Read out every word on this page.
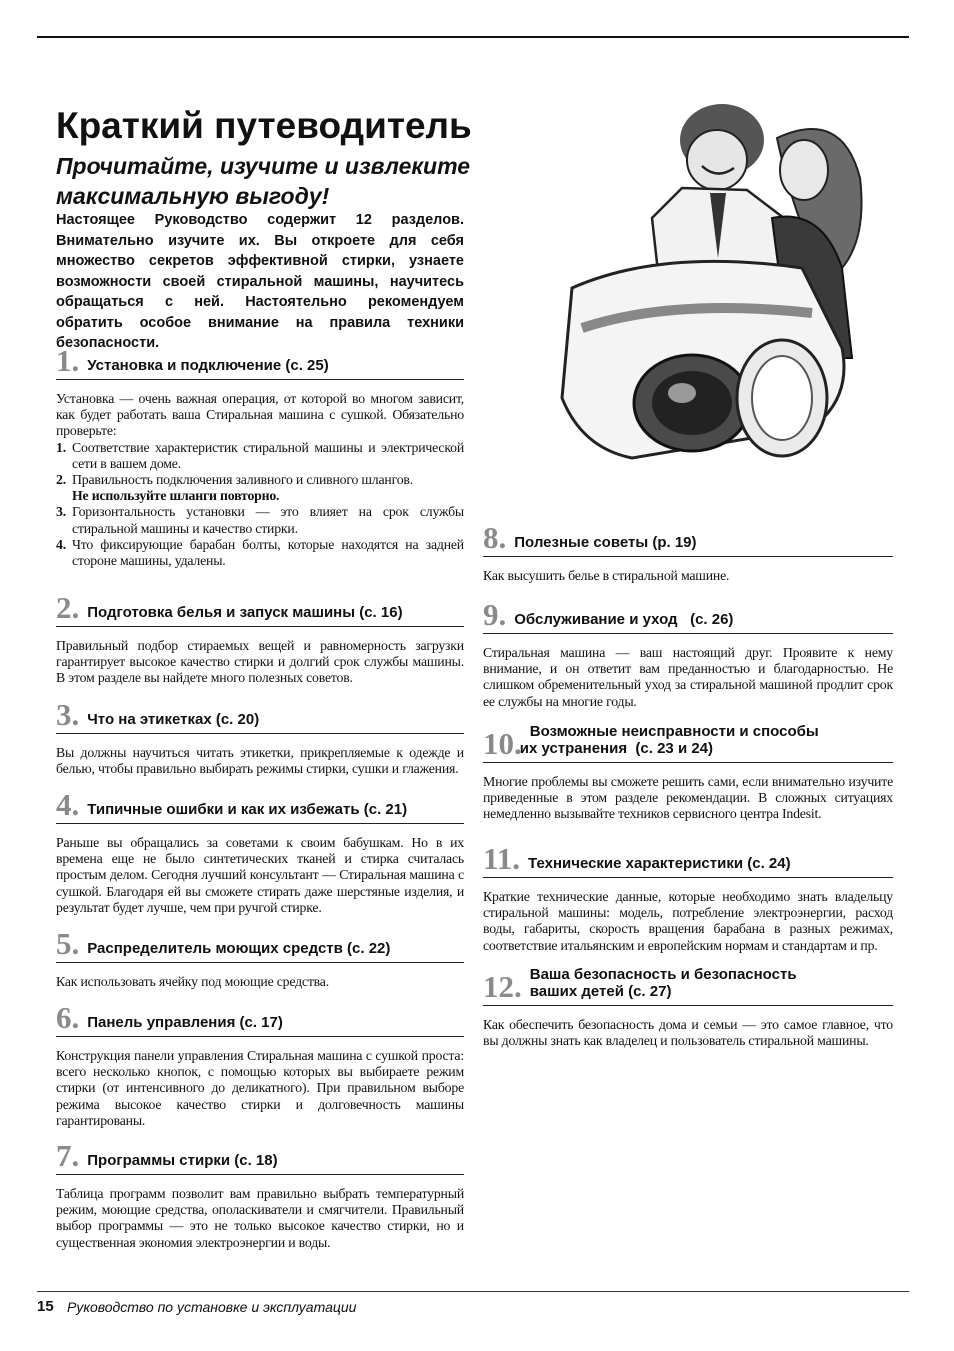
Краткий путеводитель
Прочитайте, изучите и извлеките максимальную выгоду!

Настоящее Руководство содержит 12 разделов. Внимательно изучите их. Вы откроете для себя множество секретов эффективной стирки, узнаете возможности своей стиральной машины, научитесь обращаться с ней. Настоятельно рекомендуем обратить особое внимание на правила техники безопасности.

1. Установка и подключение (с. 25)

Установка — очень важная операция, от которой во многом зависит, как будет работать ваша Стиральная машина с сушкой. Обязательно проверьте:

1. Соответствие характеристик стиральной машины и электрической сети в вашем доме.
2. Правильность подключения заливного и сливного шлангов.
Не используйте шланги повторно.
3. Горизонтальность установки — это влияет на срок службы стиральной машины и качество стирки.
4. Что фиксирующие барабан болты, которые находятся на задней стороне машины, удалены.
2. Подготовка белья и запуск машины (с. 16)

Правильный подбор стираемых вещей и равномерность загрузки гарантирует высокое качество стирки и долгий срок службы машины. В этом разделе вы найдете много полезных советов.

3. Что на этикетках (с. 20)

Вы должны научиться читать этикетки, прикрепляемые к одежде и белью, чтобы правильно выбирать режимы стирки, сушки и глажения.

4. Типичные ошибки и как их избежать (с. 21)

Раньше вы обращались за советами к своим бабушкам. Но в их времена еще не было синтетических тканей и стирка считалась простым делом. Сегодня лучший консультант — Стиральная машина с сушкой. Благодаря ей вы сможете стирать даже шерстяные изделия, и результат будет лучше, чем при ручгой стирке.

5. Распределитель моющих средств (с. 22)

Как использовать ячейку под моющие средства.

6. Панель управления (с. 17)

Конструкция панели управления Стиральная машина с сушкой проста: всего несколько кнопок, с помощью которых вы выбираете режим стирки (от интенсивного до деликатного). При правильном выборе режима высокое качество стирки и долговечность машины гарантированы.

7. Программы стирки (с. 18)

Таблица программ позволит вам правильно выбрать температурный режим, моющие средства, ополаскиватели и смягчители. Правильный выбор программы — это не только высокое качество стирки, но и существенная экономия электроэнергии и воды.

8. Полезные советы (р. 19)

Как высушить белье в стиральной машине.

9. Обслуживание и уход   (с. 26)

Стиральная машина — ваш настоящий друг. Проявите к нему внимание, и он ответит вам преданностью и благодарностью. Не слишком обременительный уход за стиральной машиной продлит срок ее службы на многие годы.

10. Возможные неисправности и способы
их устранения  (с. 23 и 24)

Многие проблемы вы сможете решить сами, если внимательно изучите приведенные в этом разделе рекомендации. В сложных ситуациях немедленно вызывайте техников сервисного центра Indesit.

11. Технические характеристики (с. 24)

Краткие технические данные, которые необходимо знать владельцу стиральной машины: модель, потребление электроэнергии, расход воды, габариты, скорость вращения барабана в разных режимах, соответствие итальянским и европейским нормам и стандартам и пр.

12. Ваша безопасность и безопасность
ваших детей (с. 27)

Как обеспечить безопасность дома и семьи — это самое главное, что вы должны знать как владелец и пользователь стиральной машины.

15 Руководство по установке и эксплуатации
